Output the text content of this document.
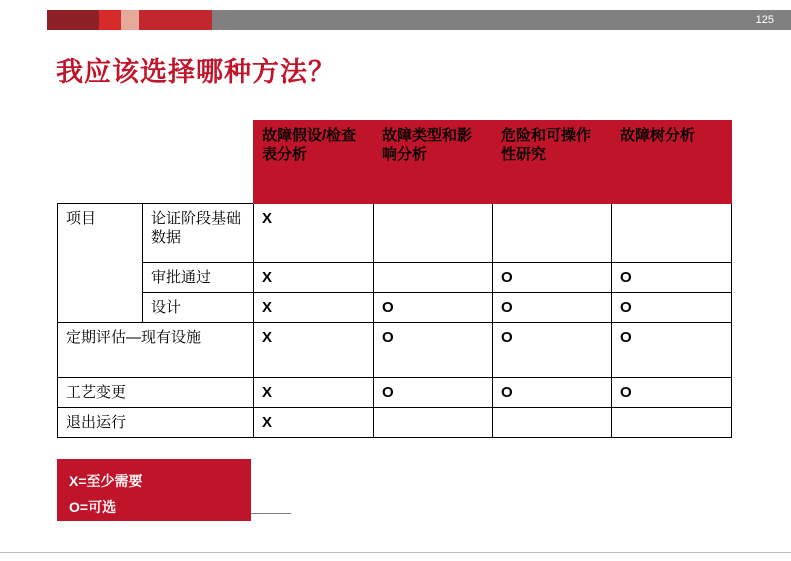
125
我应该选择哪种方法？
		故障假设/检查表分析	故障类型和影响分析	危险和可操作性研究	故障树分析
项目	论证阶段基础数据	X			
	审批通过	X		O	O
	设计	X	O	O	O
定期评估—现有设施		X	O	O	O
工艺变更		X	O	O	O
退出运行		X			
X=至少需要
O=可选
